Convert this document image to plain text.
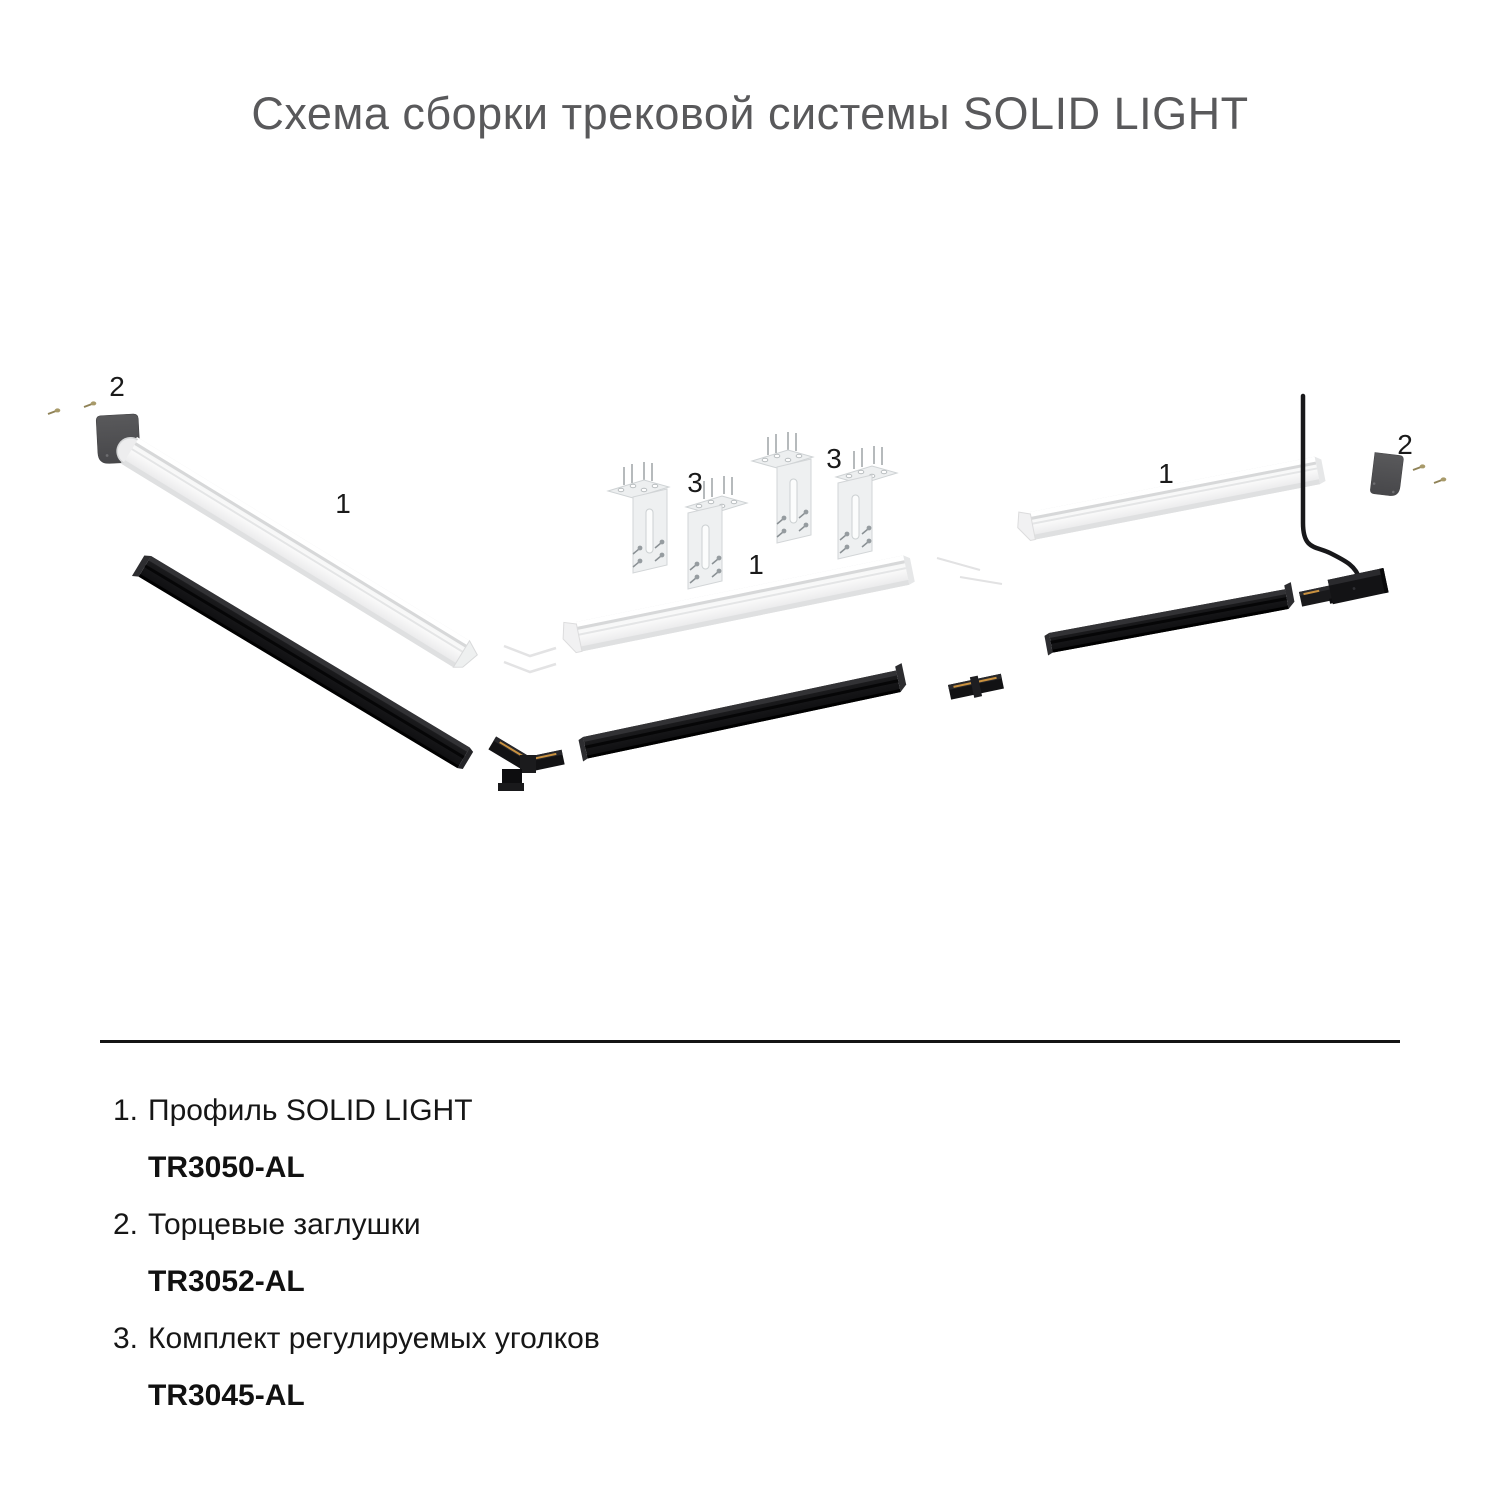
Схема сборки трековой системы SOLID LIGHT
2
1
3
3
1
1
2
1. Профиль SOLID LIGHT
TR3050-AL
2. Торцевые заглушки
TR3052-AL
3. Комплект регулируемых уголков
TR3045-AL
